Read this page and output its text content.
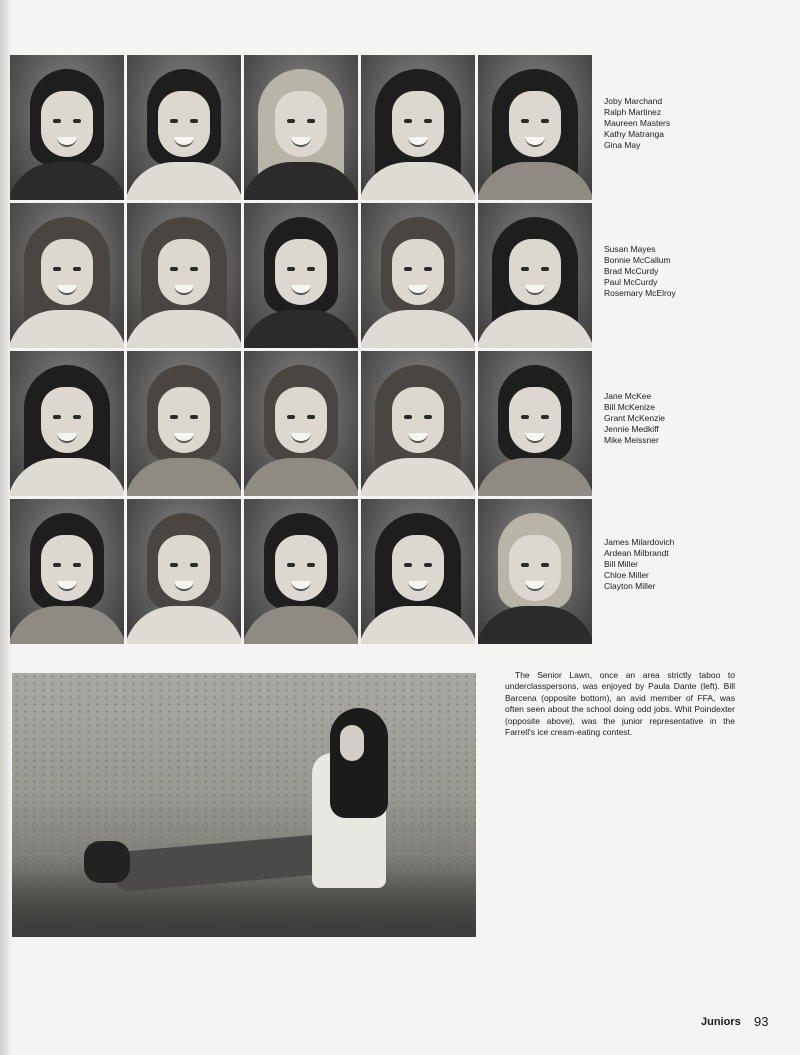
Joby Marchand
Ralph Martinez
Maureen Masters
Kathy Matranga
Gina May
Susan Mayes
Bonnie McCallum
Brad McCurdy
Paul McCurdy
Rosemary McElroy
Jane McKee
Bill McKenize
Grant McKenzie
Jennie Medkiff
Mike Meissner
James Milardovich
Ardean Milbrandt
Bill Miller
Chloe Miller
Clayton Miller
The Senior Lawn, once an area strictly taboo to underclasspersons, was enjoyed by Paula Dante (left). Bill Barcena (opposite bottom), an avid member of FFA, was often seen about the school doing odd jobs. Whit Poindexter (opposite above), was the junior representative in the Farrell's ice cream-eating contest.
Juniors 93
